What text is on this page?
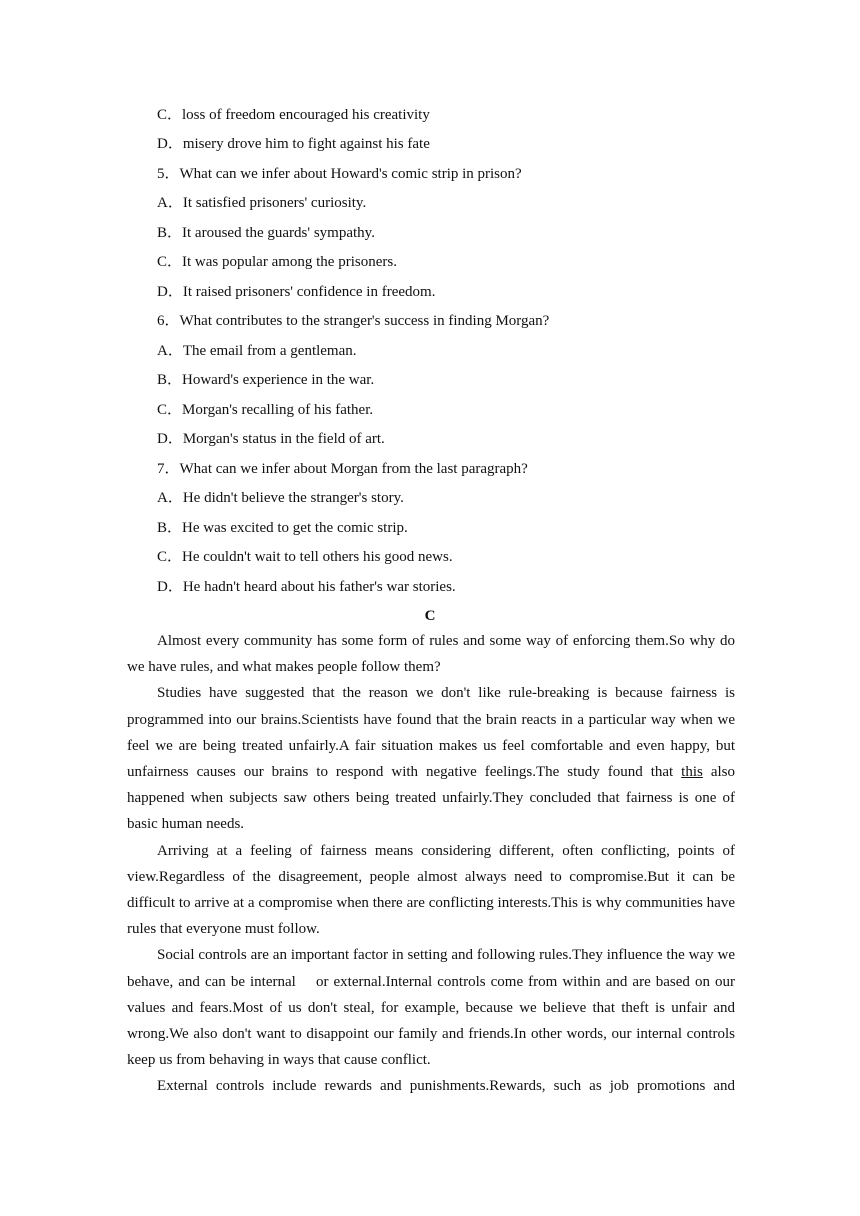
C．loss of freedom encouraged his creativity
D．misery drove him to fight against his fate
5．What can we infer about Howard's comic strip in prison?
A．It satisfied prisoners' curiosity.
B．It aroused the guards' sympathy.
C．It was popular among the prisoners.
D．It raised prisoners' confidence in freedom.
6．What contributes to the stranger's success in finding Morgan?
A．The email from a gentleman.
B．Howard's experience in the war.
C．Morgan's recalling of his father.
D．Morgan's status in the field of art.
7．What can we infer about Morgan from the last paragraph?
A．He didn't believe the stranger's story.
B．He was excited to get the comic strip.
C．He couldn't wait to tell others his good news.
D．He hadn't heard about his father's war stories.
C

Almost every community has some form of rules and some way of enforcing them.So why do we have rules, and what makes people follow them?

Studies have suggested that the reason we don't like rule-breaking is because fairness is programmed into our brains.Scientists have found that the brain reacts in a particular way when we feel we are being treated unfairly.A fair situation makes us feel comfortable and even happy, but unfairness causes our brains to respond with negative feelings.The study found that this also happened when subjects saw others being treated unfairly.They concluded that fairness is one of basic human needs.

Arriving at a feeling of fairness means considering different, often conflicting, points of view.Regardless of the disagreement, people almost always need to compromise.But it can be difficult to arrive at a compromise when there are conflicting interests.This is why communities have rules that everyone must follow.

Social controls are an important factor in setting and following rules.They influence the way we behave, and can be internal    or external.Internal controls come from within and are based on our values and fears.Most of us don't steal, for example, because we believe that theft is unfair and wrong.We also don't want to disappoint our family and friends.In other words, our internal controls keep us from behaving in ways that cause conflict.

External controls include rewards and punishments.Rewards, such as job promotions and
